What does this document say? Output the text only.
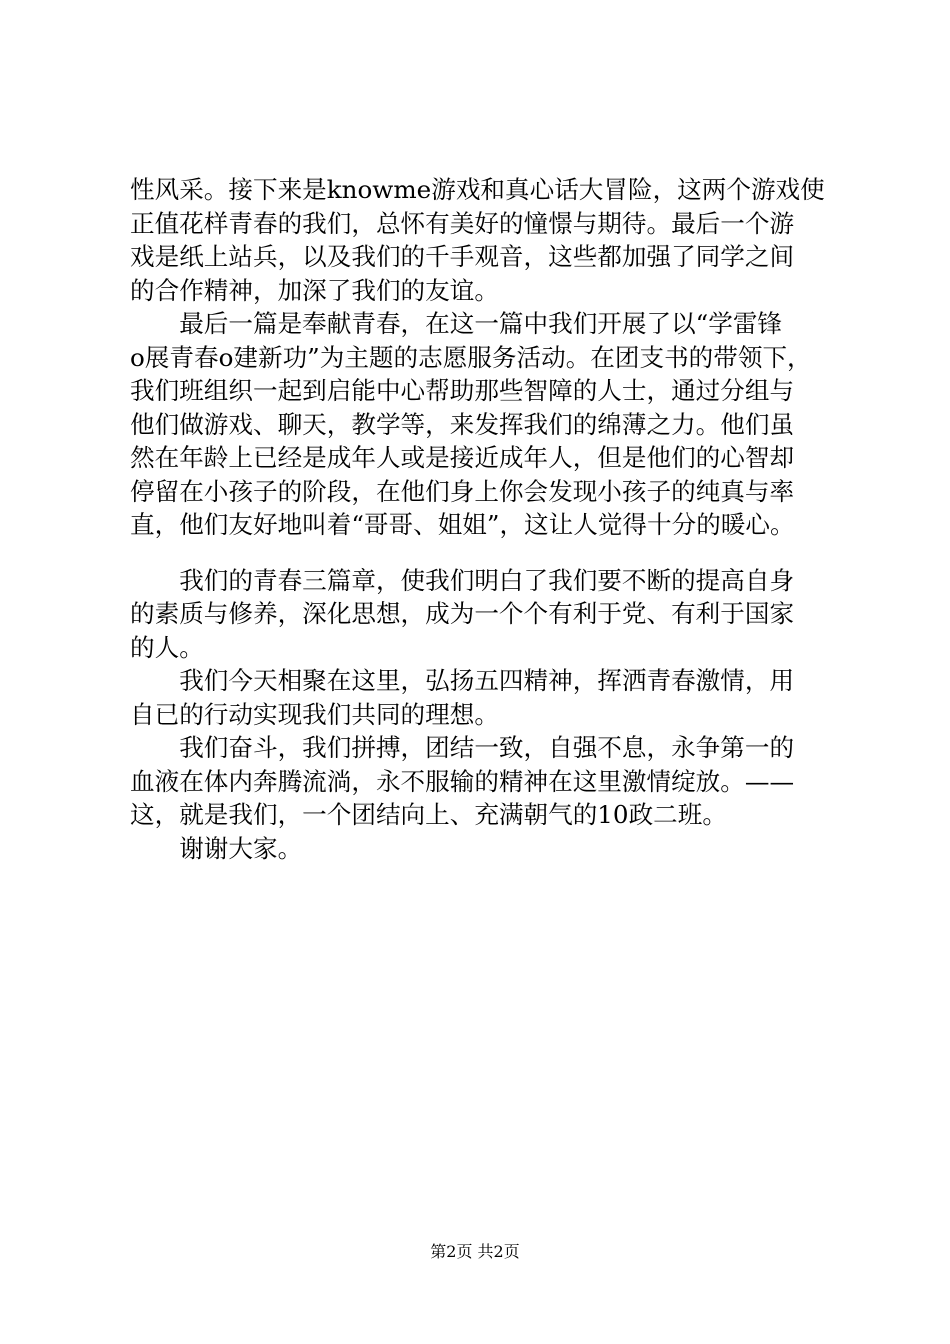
性风采。接下来是knowme游戏和真心话大冒险，这两个游戏使
正值花样青春的我们，总怀有美好的憧憬与期待。最后一个游
戏是纸上站兵，以及我们的千手观音，这些都加强了同学之间
的合作精神，加深了我们的友谊。
　　最后一篇是奉献青春，在这一篇中我们开展了以“学雷锋
o展青春o建新功”为主题的志愿服务活动。在团支书的带领下，
我们班组织一起到启能中心帮助那些智障的人士，通过分组与
他们做游戏、聊天，教学等，来发挥我们的绵薄之力。他们虽
然在年龄上已经是成年人或是接近成年人，但是他们的心智却
停留在小孩子的阶段，在他们身上你会发现小孩子的纯真与率
直，他们友好地叫着“哥哥、姐姐”，这让人觉得十分的暖心。
　　我们的青春三篇章，使我们明白了我们要不断的提高自身
的素质与修养，深化思想，成为一个个有利于党、有利于国家
的人。
　　我们今天相聚在这里，弘扬五四精神，挥洒青春激情，用
自已的行动实现我们共同的理想。
　　我们奋斗，我们拼搏，团结一致，自强不息，永争第一的
血液在体内奔腾流淌，永不服输的精神在这里激情绽放。——
这，就是我们，一个团结向上、充满朝气的10政二班。
　　谢谢大家。
第2页 共2页
